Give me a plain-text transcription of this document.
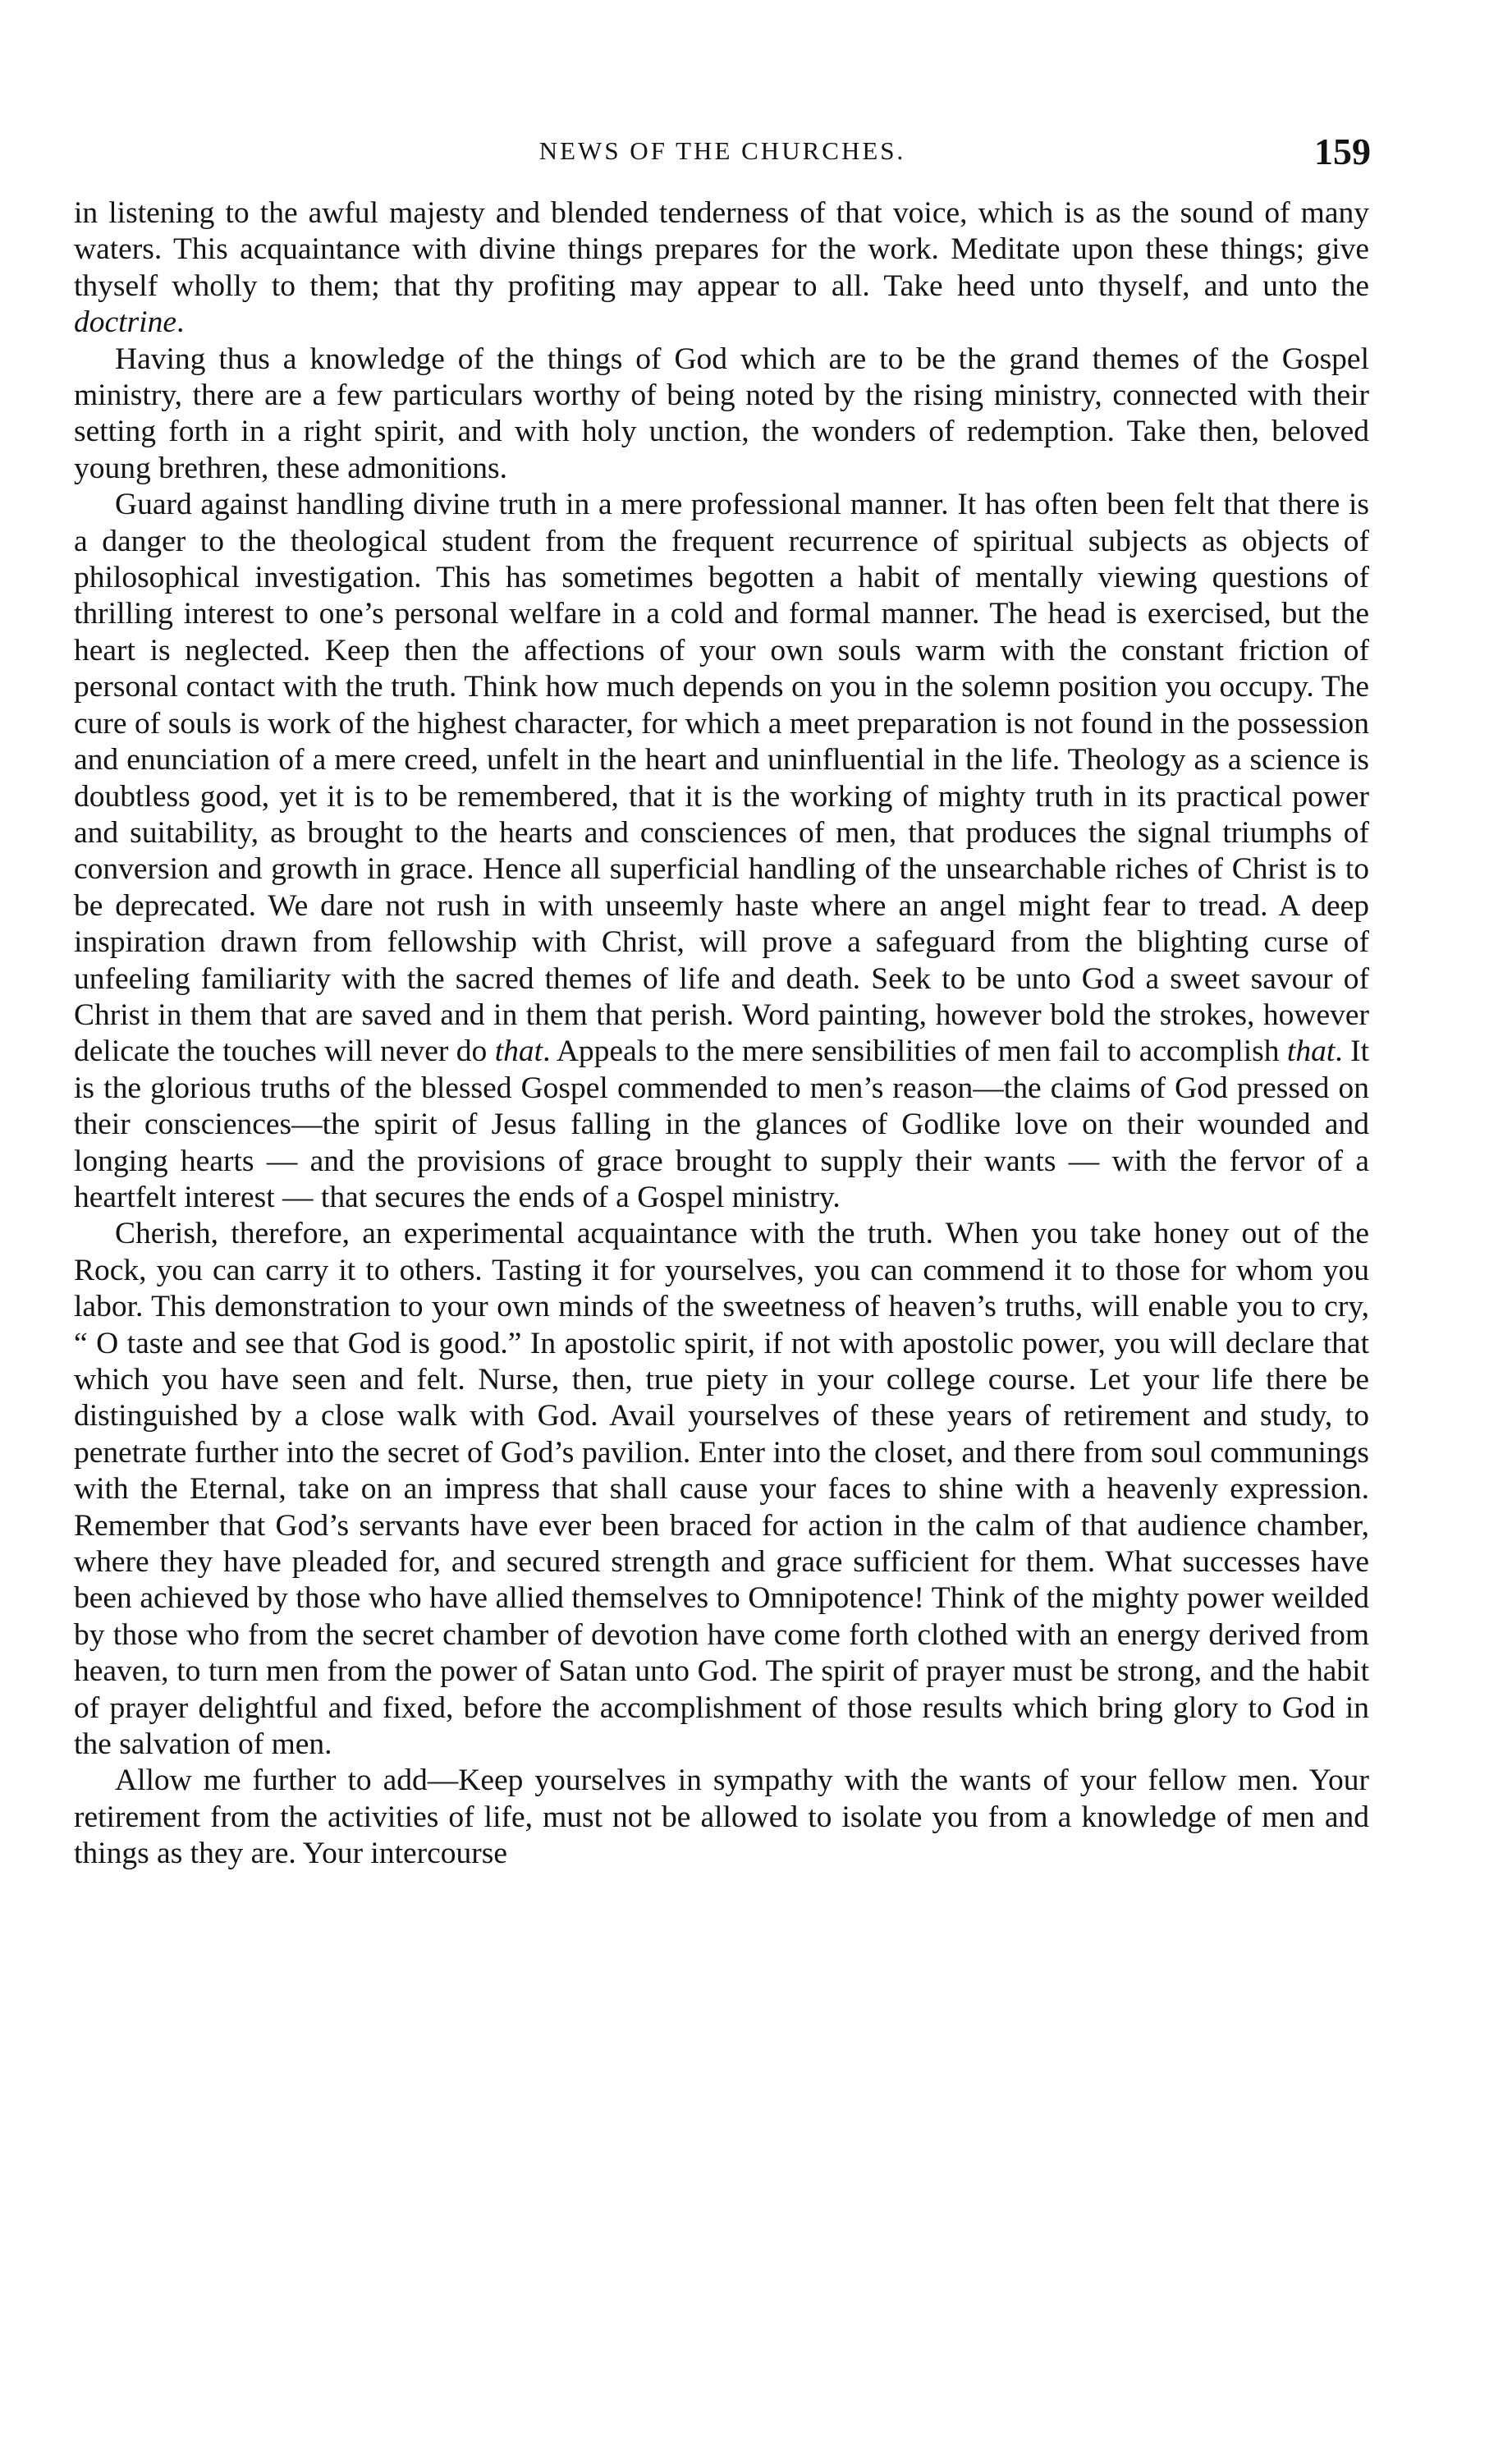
NEWS OF THE CHURCHES.	159

in listening to the awful majesty and blended tenderness of that voice, which is as the sound of many waters. This acquaintance with divine things prepares for the work. Meditate upon these things; give thyself wholly to them; that thy profiting may appear to all. Take heed unto thyself, and unto the doctrine.

Having thus a knowledge of the things of God which are to be the grand themes of the Gospel ministry, there are a few particulars worthy of being noted by the rising ministry, connected with their setting forth in a right spirit, and with holy unction, the wonders of redemption. Take then, beloved young brethren, these admonitions.

Guard against handling divine truth in a mere professional manner. It has often been felt that there is a danger to the theological student from the frequent recurrence of spiritual subjects as objects of philosophical investigation. This has sometimes begotten a habit of mentally viewing questions of thrilling interest to one’s personal welfare in a cold and formal manner. The head is exercised, but the heart is neglected. Keep then the affections of your own souls warm with the constant friction of personal contact with the truth. Think how much depends on you in the solemn position you occupy. The cure of souls is work of the highest character, for which a meet preparation is not found in the possession and enunciation of a mere creed, unfelt in the heart and uninfluential in the life. Theology as a science is doubtless good, yet it is to be remembered, that it is the working of mighty truth in its practical power and suitability, as brought to the hearts and consciences of men, that produces the signal triumphs of conversion and growth in grace. Hence all superficial handling of the unsearchable riches of Christ is to be deprecated. We dare not rush in with unseemly haste where an angel might fear to tread. A deep inspiration drawn from fellowship with Christ, will prove a safeguard from the blighting curse of unfeeling familiarity with the sacred themes of life and death. Seek to be unto God a sweet savour of Christ in them that are saved and in them that perish. Word painting, however bold the strokes, however delicate the touches will never do that. Appeals to the mere sensibilities of men fail to accomplish that. It is the glorious truths of the blessed Gospel commended to men’s reason—the claims of God pressed on their consciences—the spirit of Jesus falling in the glances of Godlike love on their wounded and longing hearts — and the provisions of grace brought to supply their wants — with the fervor of a heartfelt interest — that secures the ends of a Gospel ministry.

Cherish, therefore, an experimental acquaintance with the truth. When you take honey out of the Rock, you can carry it to others. Tasting it for yourselves, you can commend it to those for whom you labor. This demonstration to your own minds of the sweetness of heaven’s truths, will enable you to cry, “ O taste and see that God is good.” In apostolic spirit, if not with apostolic power, you will declare that which you have seen and felt. Nurse, then, true piety in your college course. Let your life there be distinguished by a close walk with God. Avail yourselves of these years of retirement and study, to penetrate further into the secret of God’s pavilion. Enter into the closet, and there from soul communings with the Eternal, take on an impress that shall cause your faces to shine with a heavenly expression. Remember that God’s servants have ever been braced for action in the calm of that audience chamber, where they have pleaded for, and secured strength and grace sufficient for them. What successes have been achieved by those who have allied themselves to Omnipotence! Think of the mighty power weilded by those who from the secret chamber of devotion have come forth clothed with an energy derived from heaven, to turn men from the power of Satan unto God. The spirit of prayer must be strong, and the habit of prayer delightful and fixed, before the accomplishment of those results which bring glory to God in the salvation of men.

Allow me further to add—Keep yourselves in sympathy with the wants of your fellow men. Your retirement from the activities of life, must not be allowed to isolate you from a knowledge of men and things as they are. Your intercourse
